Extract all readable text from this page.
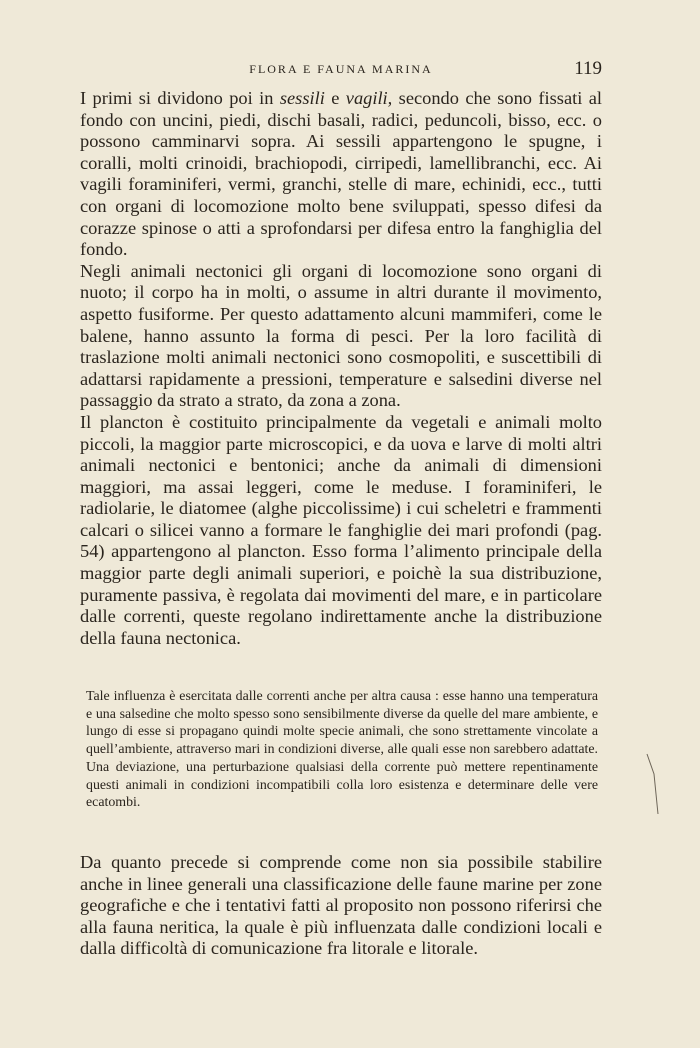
FLORA E FAUNA MARINA	119

I primi si dividono poi in sessili e vagili, secondo che sono fissati al fondo con uncini, piedi, dischi basali, radici, peduncoli, bisso, ecc. o possono camminarvi sopra. Ai sessili appartengono le spugne, i coralli, molti crinoidi, brachiopodi, cirripedi, lamellibranchi, ecc. Ai vagili foraminiferi, vermi, granchi, stelle di mare, echinidi, ecc., tutti con organi di locomozione molto bene sviluppati, spesso difesi da corazze spinose o atti a sprofondarsi per difesa entro la fanghiglia del fondo.

Negli animali nectonici gli organi di locomozione sono organi di nuoto; il corpo ha in molti, o assume in altri durante il movimento, aspetto fusiforme. Per questo adattamento alcuni mammiferi, come le balene, hanno assunto la forma di pesci. Per la loro facilità di traslazione molti animali nectonici sono cosmopoliti, e suscettibili di adattarsi rapidamente a pressioni, temperature e salsedini diverse nel passaggio da strato a strato, da zona a zona.

Il plancton è costituito principalmente da vegetali e animali molto piccoli, la maggior parte microscopici, e da uova e larve di molti altri animali nectonici e bentonici; anche da animali di dimensioni maggiori, ma assai leggeri, come le meduse. I foraminiferi, le radiolarie, le diatomee (alghe piccolissime) i cui scheletri e frammenti calcari o silicei vanno a formare le fanghiglie dei mari profondi (pag. 54) appartengono al plancton. Esso forma l’alimento principale della maggior parte degli animali superiori, e poichè la sua distribuzione, puramente passiva, è regolata dai movimenti del mare, e in particolare dalle correnti, queste regolano indirettamente anche la distribuzione della fauna nectonica.

Tale influenza è esercitata dalle correnti anche per altra causa : esse hanno una temperatura e una salsedine che molto spesso sono sensibilmente diverse da quelle del mare ambiente, e lungo di esse si propagano quindi molte specie animali, che sono strettamente vincolate a quell’ambiente, attraverso mari in condizioni diverse, alle quali esse non sarebbero adattate. Una deviazione, una perturbazione qualsiasi della corrente può mettere repentinamente questi animali in condizioni incompatibili colla loro esistenza e determinare delle vere ecatombi.
Da quanto precede si comprende come non sia possibile stabilire anche in linee generali una classificazione delle faune marine per zone geografiche e che i tentativi fatti al proposito non possono riferirsi che alla fauna neritica, la quale è più influenzata dalle condizioni locali e dalla difficoltà di comunicazione fra litorale e litorale.
